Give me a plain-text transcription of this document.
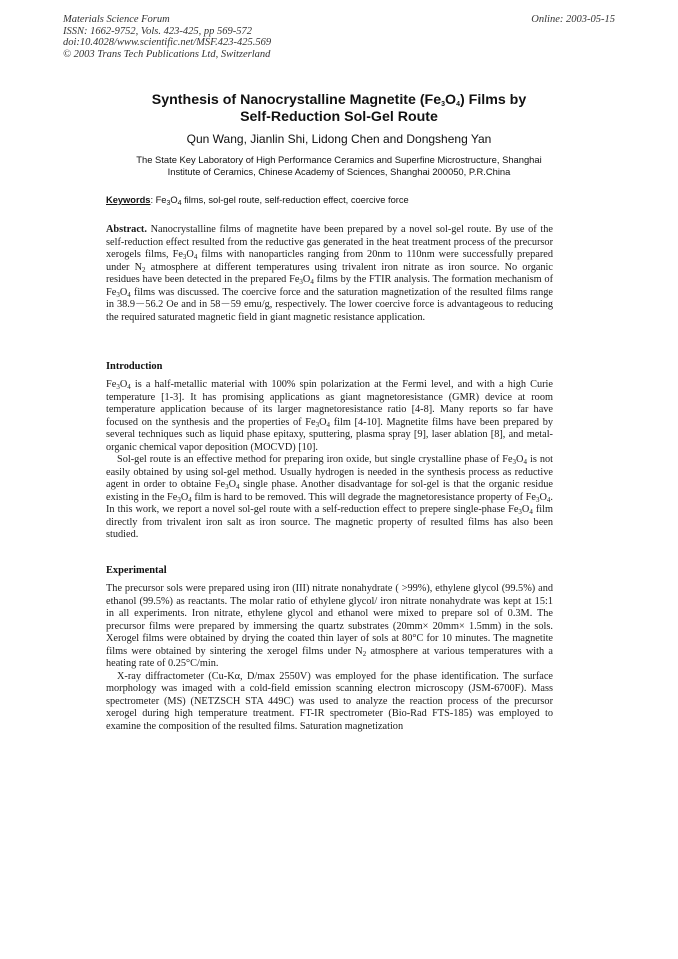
Materials Science Forum
ISSN: 1662-9752, Vols. 423-425, pp 569-572
doi:10.4028/www.scientific.net/MSF.423-425.569
© 2003 Trans Tech Publications Ltd, Switzerland
Online: 2003-05-15
Synthesis of Nanocrystalline Magnetite $(Fe_3O_4)$ Films by
Self-Reduction Sol-Gel Route
Qun Wang, Jianlin Shi, Lidong Chen and Dongsheng Yan
The State Key Laboratory of High Performance Ceramics and Superfine Microstructure, Shanghai
Institute of Ceramics, Chinese Academy of Sciences, Shanghai 200050, P.R.China
Keywords: $Fe_3O_4$ films, sol-gel route, self-reduction effect, coercive force

Abstract. Nanocrystalline films of magnetite have been prepared by a novel sol-gel route. By use of the self-reduction effect resulted from the reductive gas generated in the heat treatment process of the precursor xerogels films, $Fe_3O_4$ films with nanoparticles ranging from 20nm to 110nm were successfully prepared under $N_2$ atmosphere at different temperatures using trivalent iron nitrate as iron source. No organic residues have been detected in the prepared $Fe_3O_4$ films by the FTIR analysis. The formation mechanism of $Fe_3O_4$ films was discussed. The coercive force and the saturation magnetization of the resulted films range in 38.9－56.2 Oe and in 58－59 emu/g, respectively. The lower coercive force is advantageous to reducing the required saturated magnetic field in giant magnetic resistance application.

Introduction

$Fe_3O_4$ is a half-metallic material with 100% spin polarization at the Fermi level, and with a high Curie temperature [1-3]. It has promising applications as giant magnetoresistance (GMR) device at room temperature application because of its larger magnetoresistance ratio [4-8]. Many reports so far have focused on the synthesis and the properties of $Fe_3O_4$ film [4-10]. Magnetite films have been prepared by several techniques such as liquid phase epitaxy, sputtering, plasma spray [9], laser ablation [8], and metal-organic chemical vapor deposition (MOCVD) [10].

Sol-gel route is an effective method for preparing iron oxide, but single crystalline phase of $Fe_3O_4$ is not easily obtained by using sol-gel method. Usually hydrogen is needed in the synthesis process as reductive agent in order to obtaine $Fe_3O_4$ single phase. Another disadvantage for sol-gel is that the organic residue existing in the $Fe_3O_4$ film is hard to be removed. This will degrade the magnetoresistance property of $Fe_3O_4$. In this work, we report a novel sol-gel route with a self-reduction effect to prepere single-phase $Fe_3O_4$ film directly from trivalent iron salt as iron source. The magnetic property of resulted films has also been studied.

Experimental

The precursor sols were prepared using iron (III) nitrate nonahydrate ( >99%), ethylene glycol (99.5%) and ethanol (99.5%) as reactants. The molar ratio of ethylene glycol/ iron nitrate nonahydrate was kept at 15:1 in all experiments. Iron nitrate, ethylene glycol and ethanol were mixed to prepare sol of 0.3M. The precursor films were prepared by immersing the quartz substrates (20mm× 20mm× 1.5mm) in the sols. Xerogel films were obtained by drying the coated thin layer of sols at 80°C for 10 minutes. The magnetite films were obtained by sintering the xerogel films under $N_2$ atmosphere at various temperatures with a heating rate of 0.25°C/min.

X-ray diffractometer (Cu-Kα, D/max 2550V) was employed for the phase identification. The surface morphology was imaged with a cold-field emission scanning electron microscopy (JSM-6700F). Mass spectrometer (MS) (NETZSCH STA 449C) was used to analyze the reaction process of the precursor xerogel during high temperature treatment. FT-IR spectrometer (Bio-Rad FTS-185) was employed to examine the composition of the resulted films. Saturation magnetization
